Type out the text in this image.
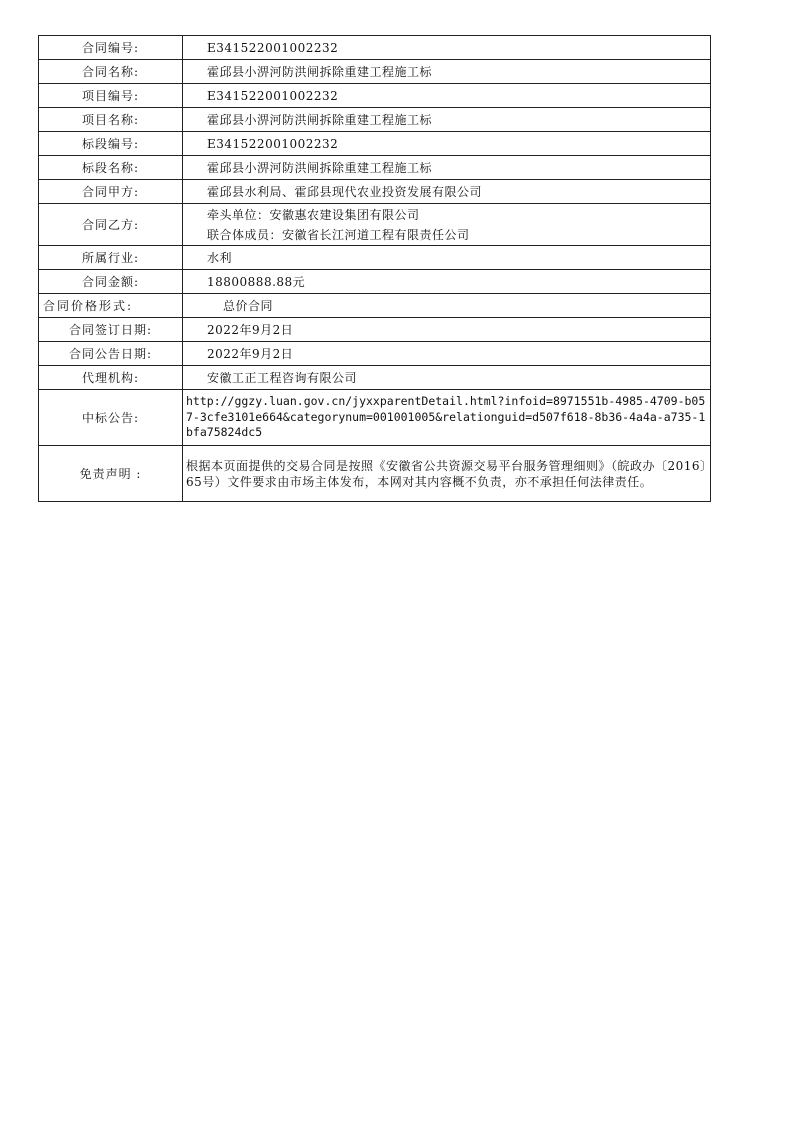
合同编号:	E341522001002232
合同名称:	霍邱县小淠河防洪闸拆除重建工程施工标
项目编号:	E341522001002232
项目名称:	霍邱县小淠河防洪闸拆除重建工程施工标
标段编号:	E341522001002232
标段名称:	霍邱县小淠河防洪闸拆除重建工程施工标
合同甲方:	霍邱县水利局、霍邱县现代农业投资发展有限公司
合同乙方:	牵头单位：安徽惠农建设集团有限公司
联合体成员：安徽省长江河道工程有限责任公司

所属行业:	水利
合同金额:	18800888.88元
合同价格形式:	总价合同
合同签订日期:	2022年9月2日
合同公告日期:	2022年9月2日
代理机构:	安徽工正工程咨询有限公司
中标公告:	http://ggzy.luan.gov.cn/jyxxparentDetail.html?infoid=8971551b-4985-4709-b057-3cfe3101e664&categorynum=001001005&relationguid=d507f618-8b36-4a4a-a735-1bfa75824dc5
免责声明 :	根据本页面提供的交易合同是按照《安徽省公共资源交易平台服务管理细则》（皖政办〔2016〕65号）文件要求由市场主体发布，本网对其内容概不负责，亦不承担任何法律责任。
